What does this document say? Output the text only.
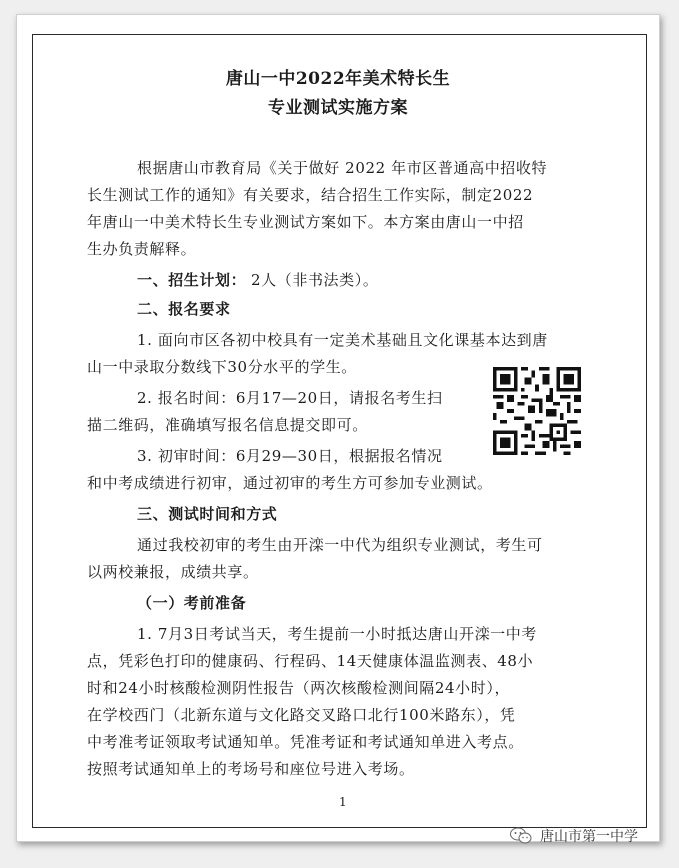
唐山一中2022年美术特长生
专业测试实施方案
根据唐山市教育局《关于做好 2022 年市区普通高中招收特
长生测试工作的通知》有关要求，结合招生工作实际，制定2022
年唐山一中美术特长生专业测试方案如下。本方案由唐山一中招
生办负责解释。
一、招生计划： 2人（非书法类）。
二、报名要求
1. 面向市区各初中校具有一定美术基础且文化课基本达到唐
山一中录取分数线下30分水平的学生。
2. 报名时间：6月17—20日，请报名考生扫
描二维码，准确填写报名信息提交即可。
3. 初审时间：6月29—30日，根据报名情况
和中考成绩进行初审，通过初审的考生方可参加专业测试。
三、测试时间和方式
通过我校初审的考生由开滦一中代为组织专业测试，考生可
以两校兼报，成绩共享。
（一）考前准备
1. 7月3日考试当天，考生提前一小时抵达唐山开滦一中考
点，凭彩色打印的健康码、行程码、14天健康体温监测表、48小
时和24小时核酸检测阴性报告（两次核酸检测间隔24小时），
在学校西门（北新东道与文化路交叉路口北行100米路东），凭
中考准考证领取考试通知单。凭准考证和考试通知单进入考点。
按照考试通知单上的考场号和座位号进入考场。
1
唐山市第一中学
